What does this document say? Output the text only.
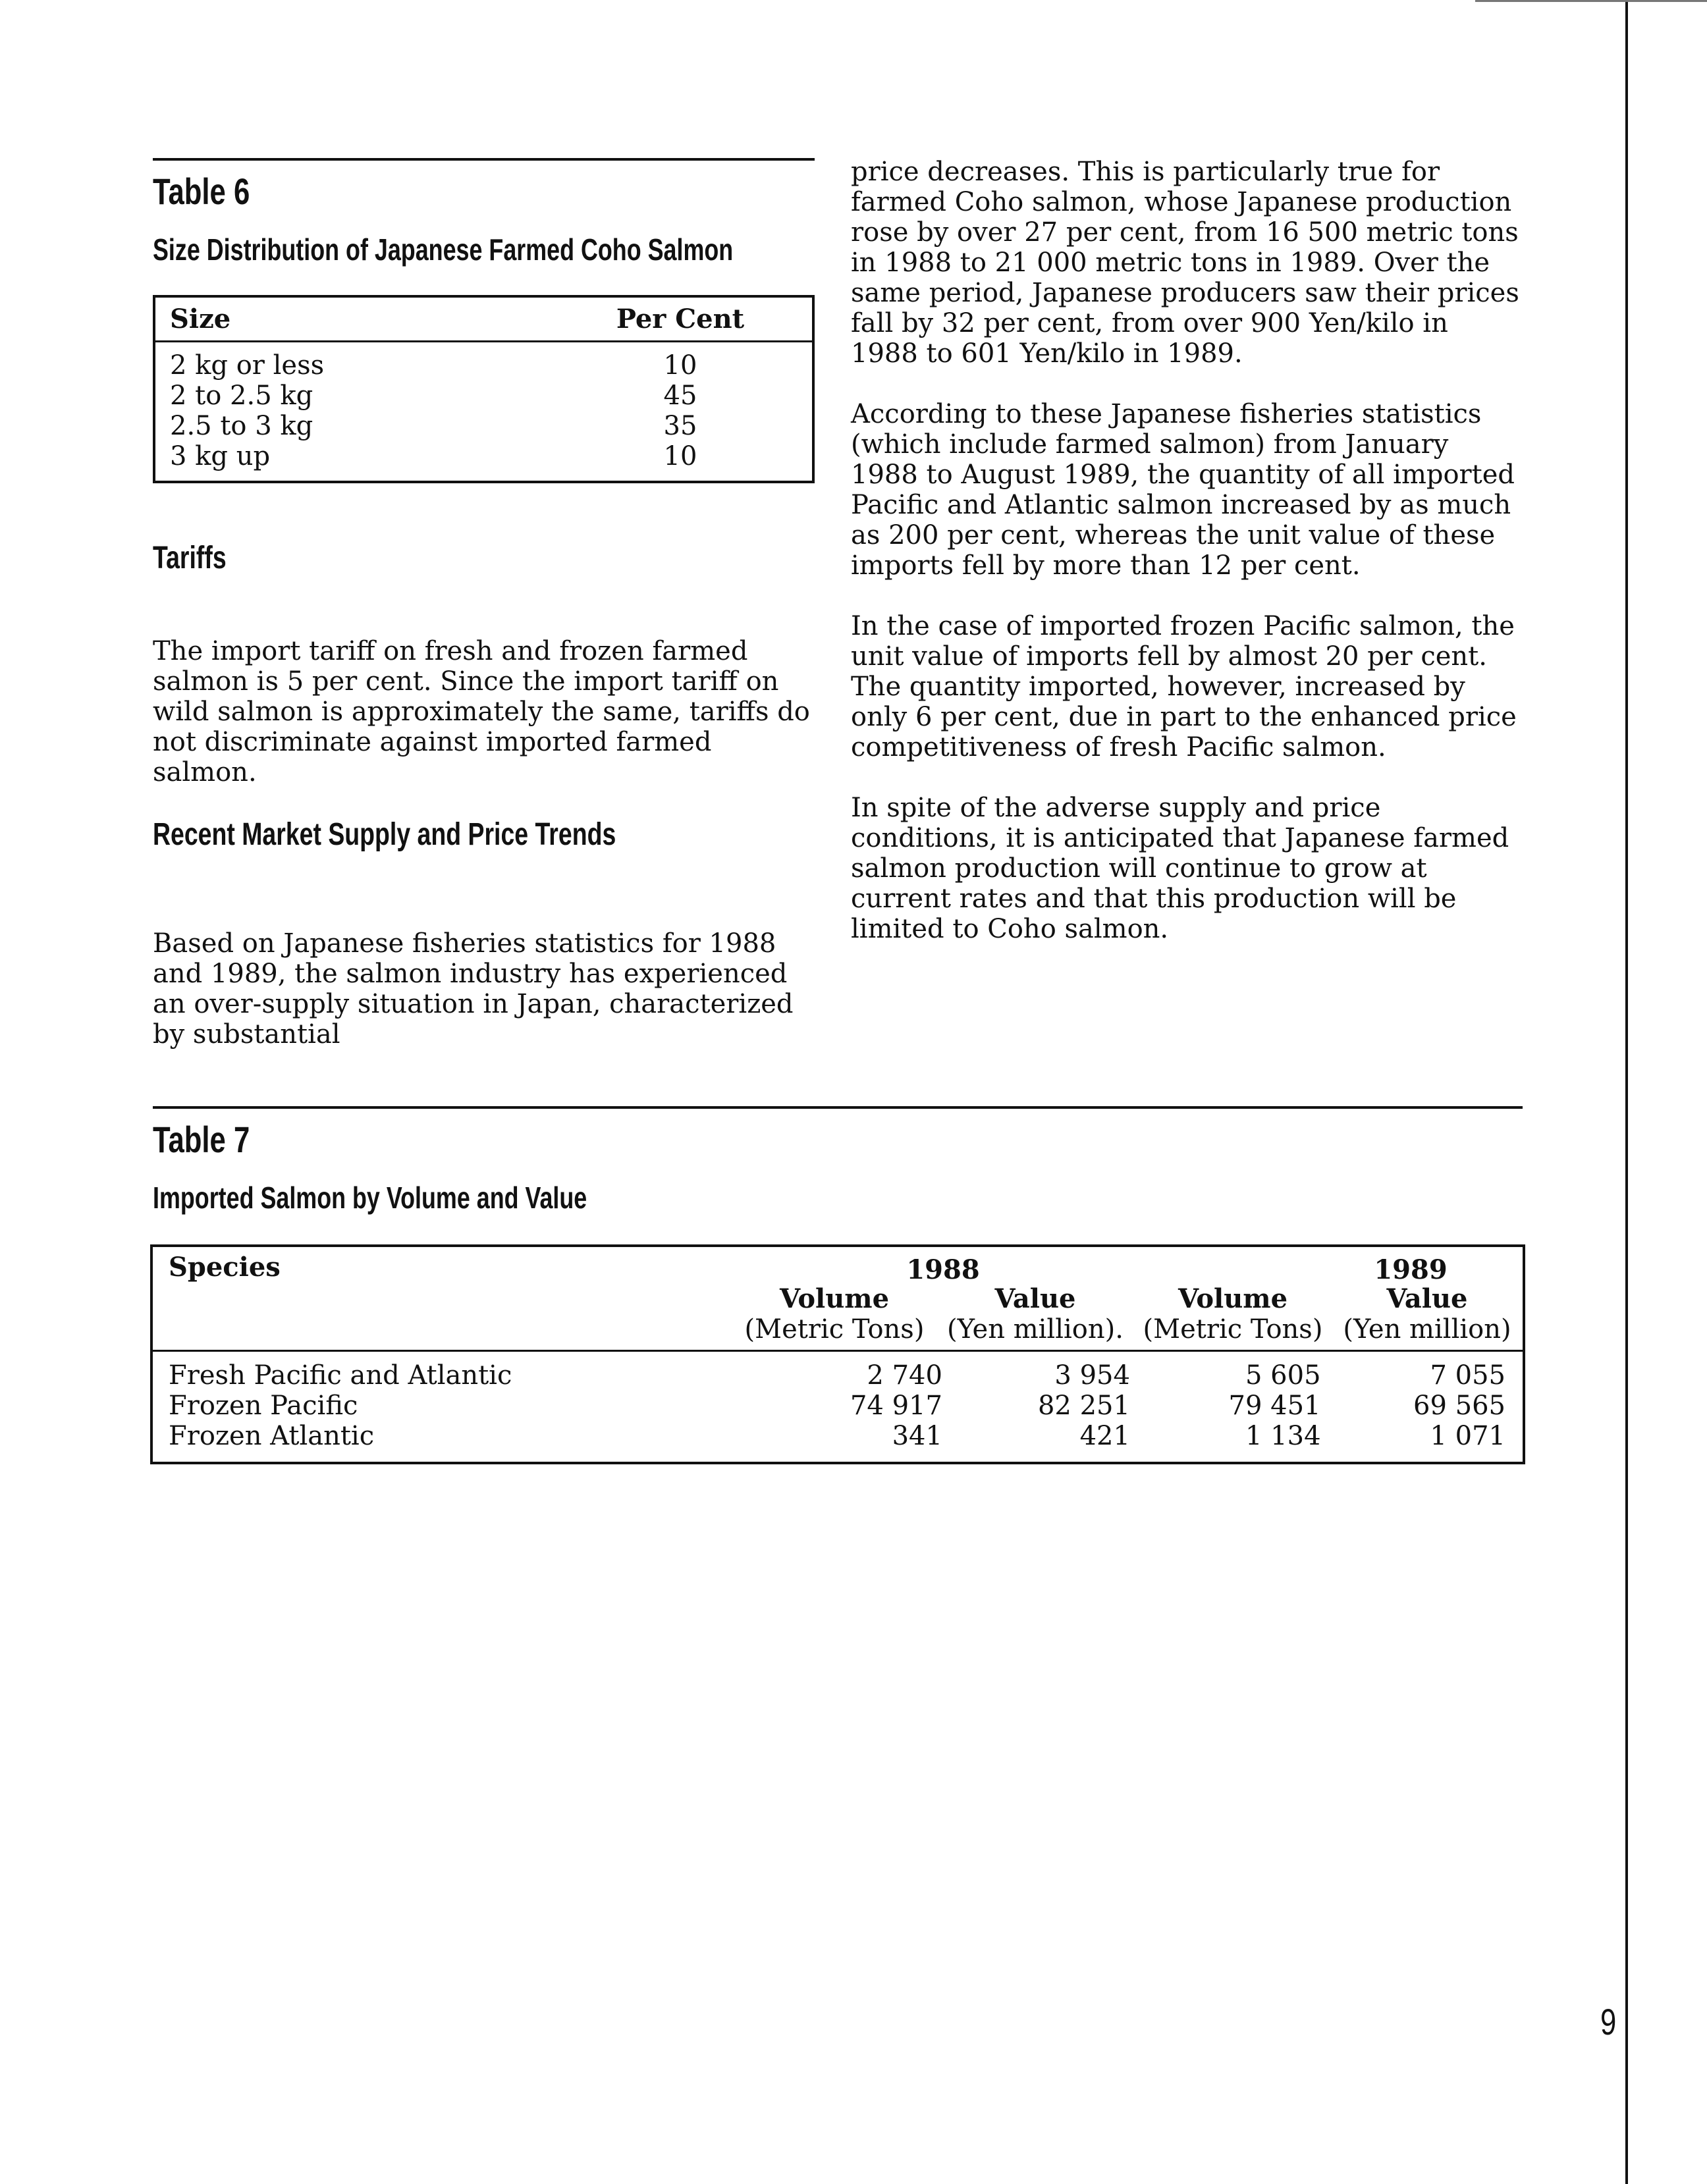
Table 6
Size Distribution of Japanese Farmed Coho Salmon
Size	Per Cent
2 kg or less	10
2 to 2.5 kg	45
2.5 to 3 kg	35
3 kg up	10
Tariffs
The import tariff on fresh and frozen farmed salmon is 5 per cent. Since the import tariff on wild salmon is approximately the same, tariffs do not discriminate against imported farmed salmon.
Recent Market Supply and Price Trends
Based on Japanese fisheries statistics for 1988 and 1989, the salmon industry has experienced an over-supply situation in Japan, characterized by substantial

price decreases. This is particularly true for farmed Coho salmon, whose Japanese production rose by over 27 per cent, from 16 500 metric tons in 1988 to 21 000 metric tons in 1989. Over the same period, Japanese producers saw their prices fall by 32 per cent, from over 900 Yen/kilo in 1988 to 601 Yen/kilo in 1989.

According to these Japanese fisheries statistics (which include farmed salmon) from January 1988 to August 1989, the quantity of all imported Pacific and Atlantic salmon increased by as much as 200 per cent, whereas the unit value of these imports fell by more than 12 per cent.

In the case of imported frozen Pacific salmon, the unit value of imports fell by almost 20 per cent. The quantity imported, however, increased by only 6 per cent, due in part to the enhanced price competitiveness of fresh Pacific salmon.

In spite of the adverse supply and price conditions, it is anticipated that Japanese farmed salmon production will continue to grow at current rates and that this production will be limited to Coho salmon.

Table 7
Imported Salmon by Volume and Value
Species	1988	1989
Volume	Value	Volume	Value
(Metric Tons)	(Yen million).	(Metric Tons)	(Yen million)
Fresh Pacific and Atlantic	2 740	3 954	5 605	7 055
Frozen Pacific	74 917	82 251	79 451	69 565
Frozen Atlantic	341	421	1 134	1 071
9
